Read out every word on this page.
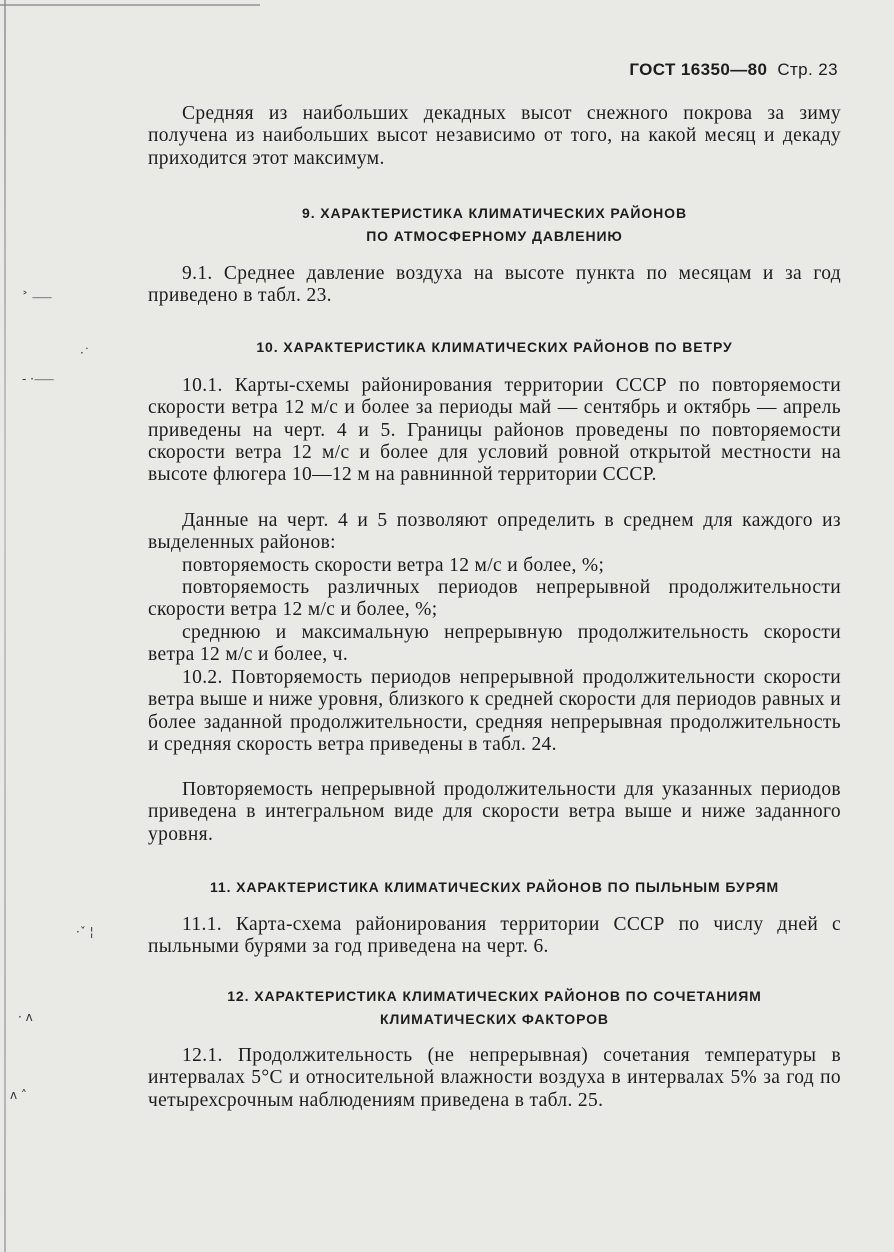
ГОСТ 16350—80 Стр. 23

Средняя из наибольших декадных высот снежного покрова за зиму получена из наибольших высот независимо от того, на какой месяц и декаду приходится этот максимум.

9. ХАРАКТЕРИСТИКА КЛИМАТИЧЕСКИХ РАЙОНОВ

ПО АТМОСФЕРНОМУ ДАВЛЕНИЮ

9.1. Среднее давление воздуха на высоте пункта по месяцам и за год приведено в табл. 23.

10. ХАРАКТЕРИСТИКА КЛИМАТИЧЕСКИХ РАЙОНОВ ПО ВЕТРУ

10.1. Карты-схемы районирования территории СССР по повторяемости скорости ветра 12 м/с и более за периоды май — сентябрь и октябрь — апрель приведены на черт. 4 и 5. Границы районов проведены по повторяемости скорости ветра 12 м/с и более для условий ровной открытой местности на высоте флюгера 10—12 м на равнинной территории СССР.

Данные на черт. 4 и 5 позволяют определить в среднем для каждого из выделенных районов:

повторяемость скорости ветра 12 м/с и более, %;

повторяемость различных периодов непрерывной продолжительности скорости ветра 12 м/с и более, %;

среднюю и максимальную непрерывную продолжительность скорости ветра 12 м/с и более, ч.

10.2. Повторяемость периодов непрерывной продолжительности скорости ветра выше и ниже уровня, близкого к средней скорости для периодов равных и более заданной продолжительности, средняя непрерывная продолжительность и средняя скорость ветра приведены в табл. 24.

Повторяемость непрерывной продолжительности для указанных периодов приведена в интегральном виде для скорости ветра выше и ниже заданного уровня.

11. ХАРАКТЕРИСТИКА КЛИМАТИЧЕСКИХ РАЙОНОВ ПО ПЫЛЬНЫМ БУРЯМ

11.1. Карта-схема районирования территории СССР по числу дней с пыльными бурями за год приведена на черт. 6.

12. ХАРАКТЕРИСТИКА КЛИМАТИЧЕСКИХ РАЙОНОВ ПО СОЧЕТАНИЯМ

КЛИМАТИЧЕСКИХ ФАКТОРОВ

12.1. Продолжительность (не непрерывная) сочетания температуры в интервалах 5°С и относительной влажности воздуха в интервалах 5% за год по четырехсрочным наблюдениям приведена в табл. 25.

˃ ⸺
‐ ·⸺
·˙
·ˇ ¦
· ʌ
ʌ ˄
